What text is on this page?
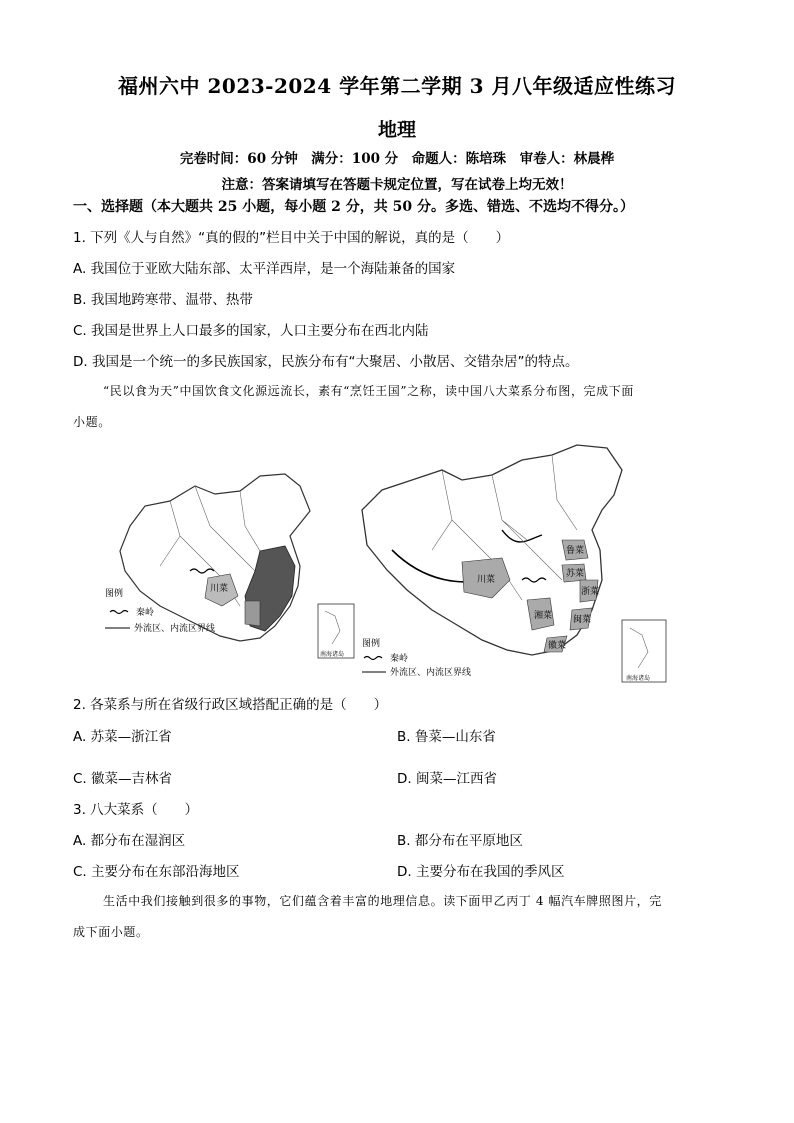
福州六中 2023-2024 学年第二学期 3 月八年级适应性练习
地理
完卷时间：60 分钟　满分：100 分　命题人：陈培珠　审卷人：林晨桦
注意：答案请填写在答题卡规定位置，写在试卷上均无效！
一、选择题（本大题共 25 小题，每小题 2 分，共 50 分。多选、错选、不选均不得分。）
1. 下列《人与自然》“真的假的”栏目中关于中国的解说，真的是（　　）
A. 我国位于亚欧大陆东部、太平洋西岸，是一个海陆兼备的国家
B. 我国地跨寒带、温带、热带
C. 我国是世界上人口最多的国家，人口主要分布在西北内陆
D. 我国是一个统一的多民族国家，民族分布有“大聚居、小散居、交错杂居”的特点。
“民以食为天”中国饮食文化源远流长，素有“烹饪王国”之称，读中国八大菜系分布图，完成下面
小题。
图例
秦岭
外流区、内流区界线
川菜
南海诸岛
川菜
湘菜
鲁菜
苏菜
浙菜
闽菜
徽菜
图例
秦岭
外流区、内流区界线
南海诸岛
2. 各菜系与所在省级行政区域搭配正确的是（　　）
A. 苏菜—浙江省	B. 鲁菜—山东省
C. 徽菜—吉林省	D. 闽菜—江西省
3. 八大菜系（　　）
A. 都分布在湿润区	B. 都分布在平原地区
C. 主要分布在东部沿海地区	D. 主要分布在我国的季风区
生活中我们接触到很多的事物，它们蕴含着丰富的地理信息。读下面甲乙丙丁 4 幅汽车牌照图片，完
成下面小题。
